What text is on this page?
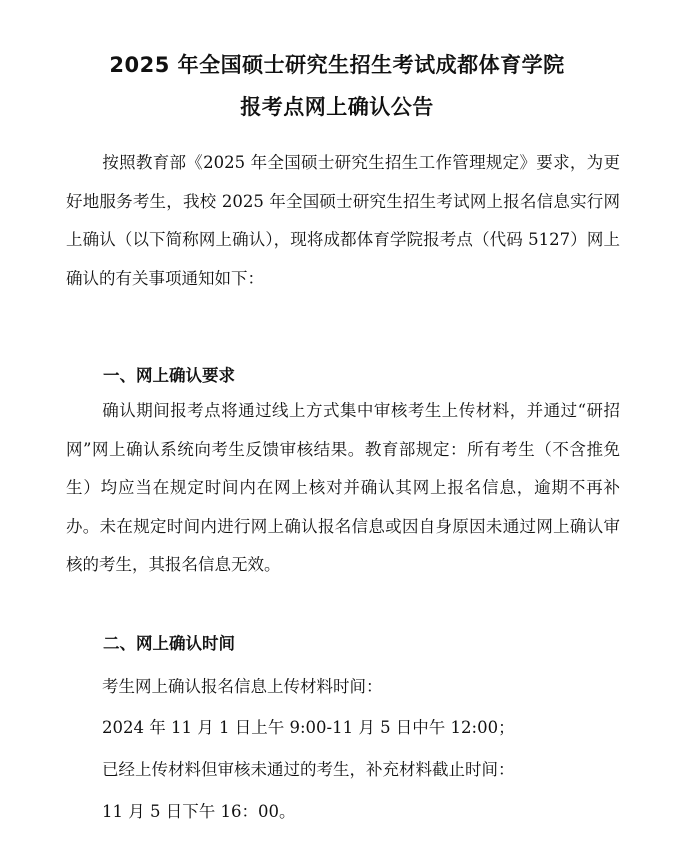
2025 年全国硕士研究生招生考试成都体育学院
报考点网上确认公告

按照教育部《2025 年全国硕士研究生招生工作管理规定》要求，为更好地服务考生，我校 2025 年全国硕士研究生招生考试网上报名信息实行网上确认（以下简称网上确认），现将成都体育学院报考点（代码 5127）网上确认的有关事项通知如下：

一、网上确认要求

确认期间报考点将通过线上方式集中审核考生上传材料，并通过“研招网”网上确认系统向考生反馈审核结果。教育部规定：所有考生（不含推免生）均应当在规定时间内在网上核对并确认其网上报名信息，逾期不再补办。未在规定时间内进行网上确认报名信息或因自身原因未通过网上确认审核的考生，其报名信息无效。

二、网上确认时间
考生网上确认报名信息上传材料时间：
2024 年 11 月 1 日上午 9:00-11 月 5 日中午 12:00；
已经上传材料但审核未通过的考生，补充材料截止时间：
11 月 5 日下午 16：00。
